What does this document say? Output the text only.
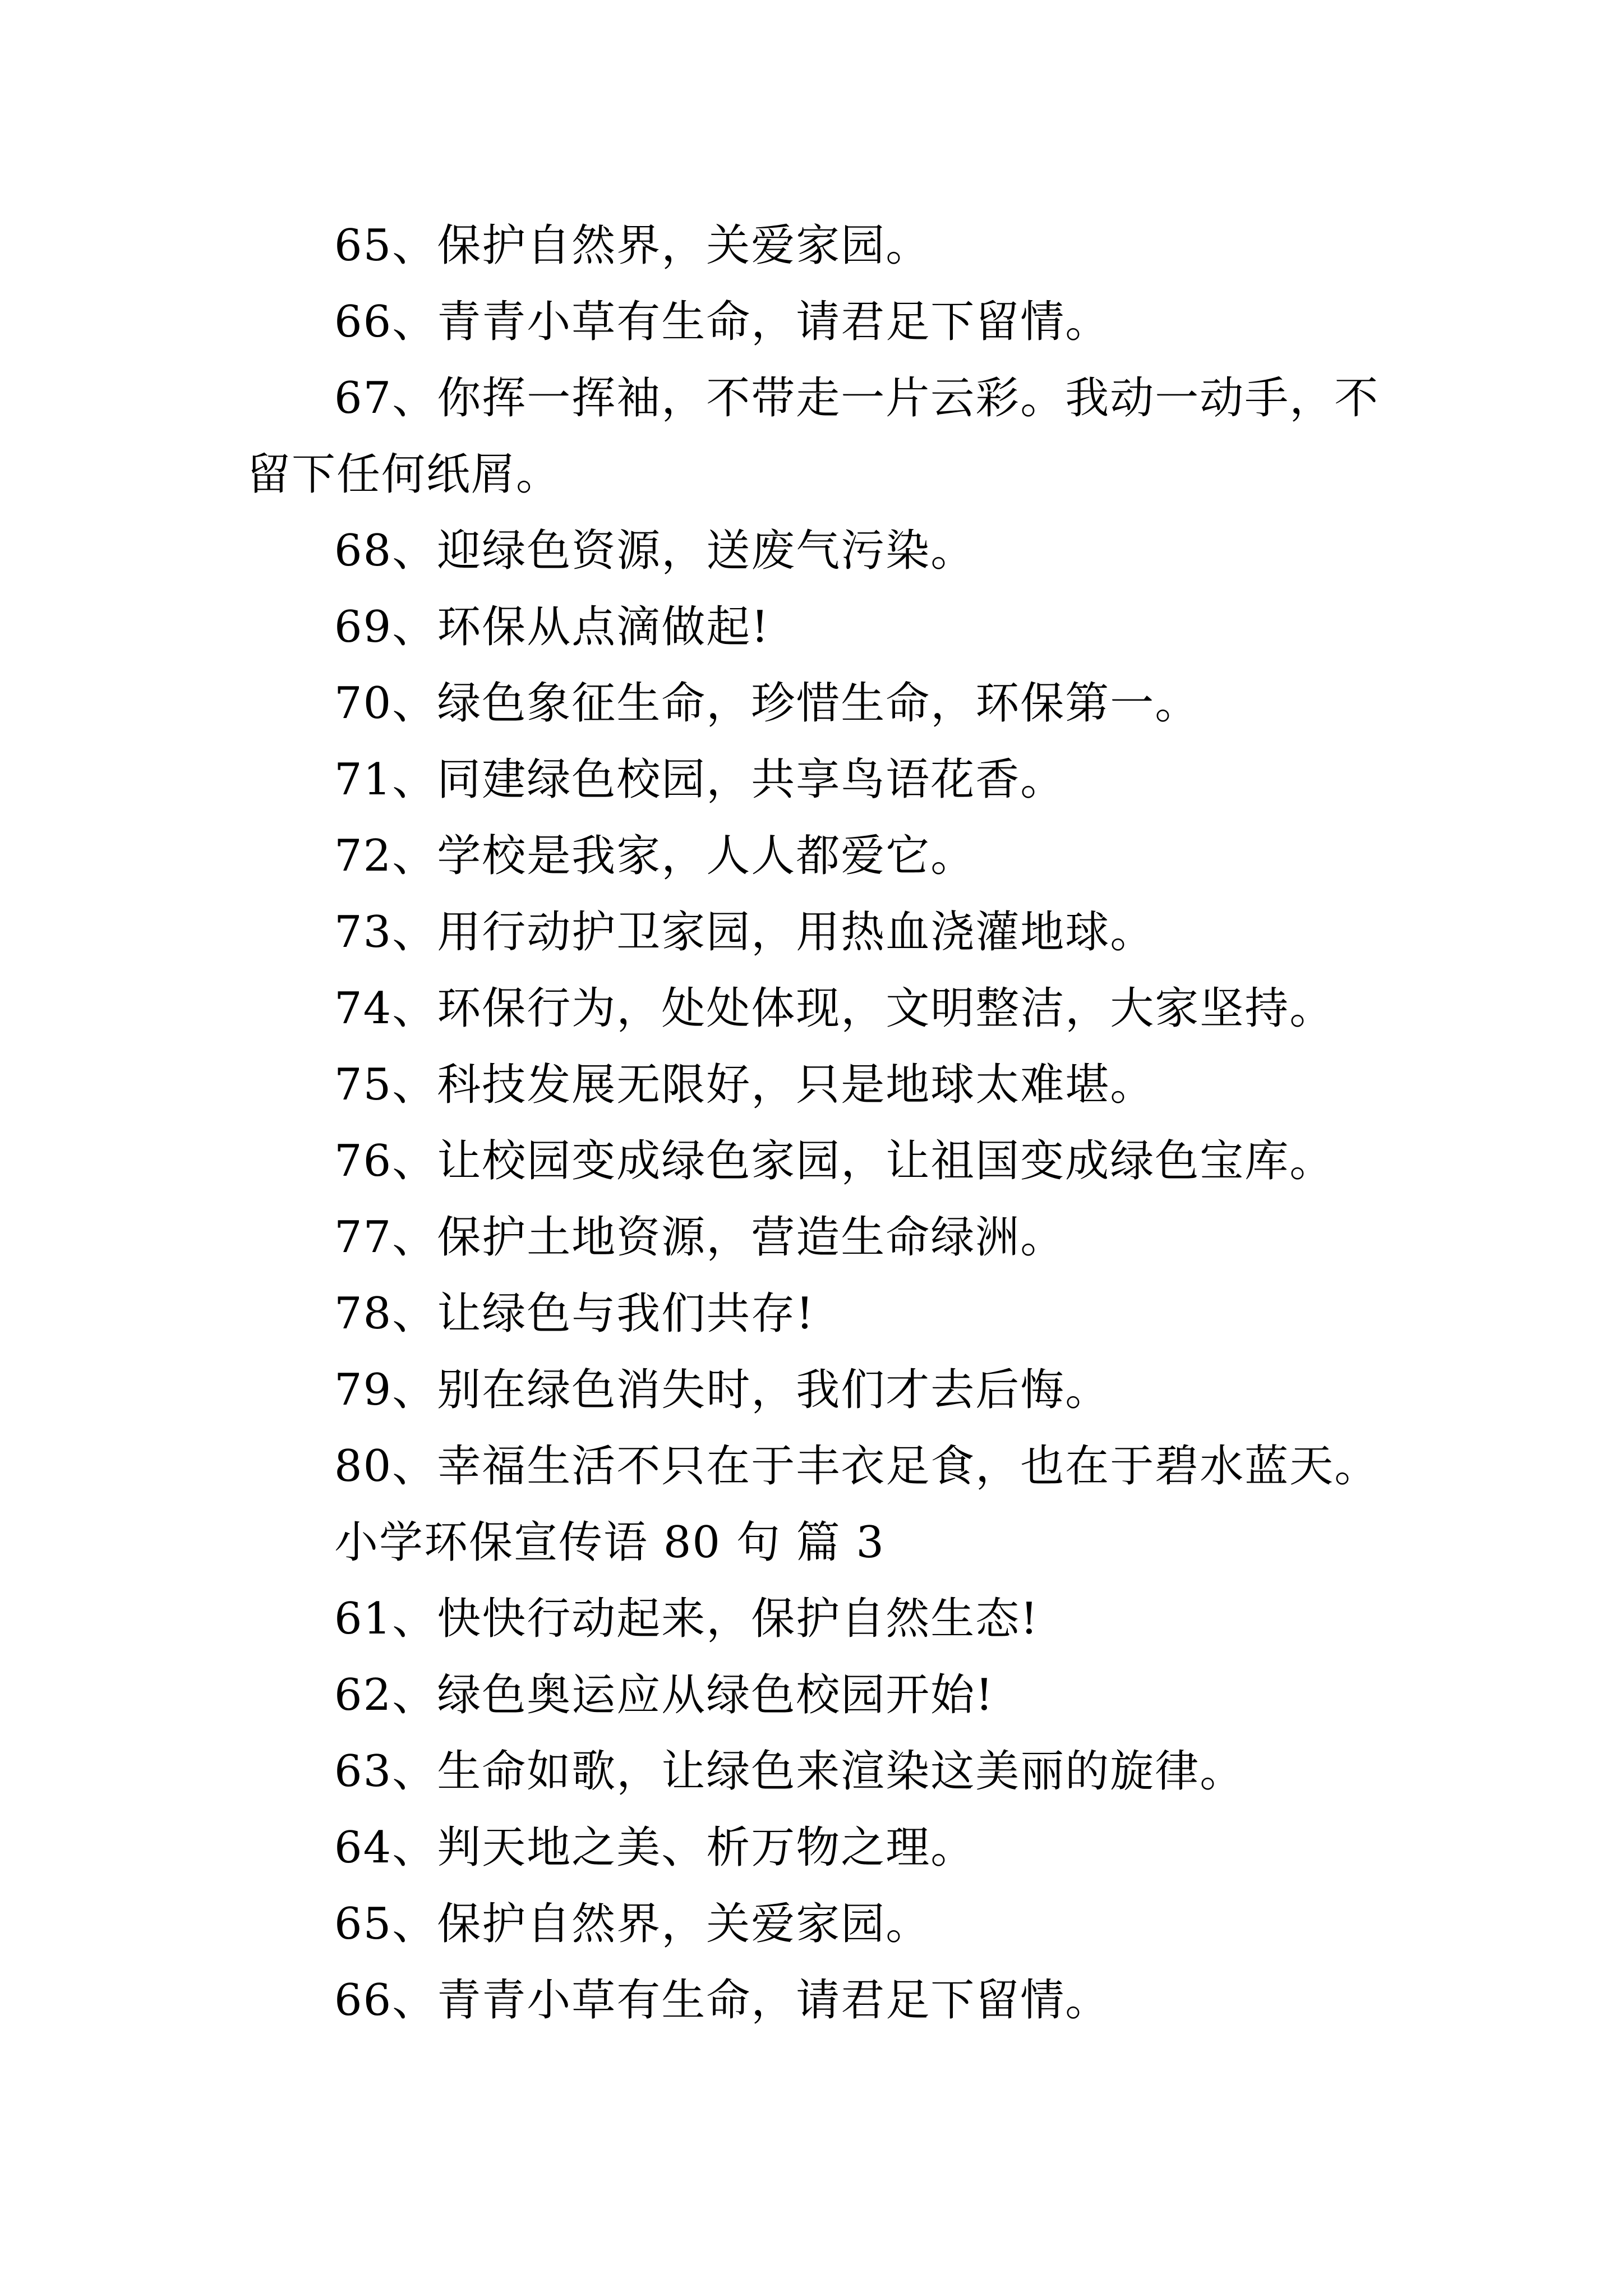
65、保护自然界，关爱家园。

66、青青小草有生命，请君足下留情。

67、你挥一挥袖，不带走一片云彩。我动一动手，不留下任何纸屑。

68、迎绿色资源，送废气污染。

69、环保从点滴做起!

70、绿色象征生命，珍惜生命，环保第一。

71、同建绿色校园，共享鸟语花香。

72、学校是我家，人人都爱它。

73、用行动护卫家园，用热血浇灌地球。

74、环保行为，处处体现，文明整洁，大家坚持。

75、科技发展无限好，只是地球太难堪。

76、让校园变成绿色家园，让祖国变成绿色宝库。

77、保护土地资源，营造生命绿洲。

78、让绿色与我们共存!

79、别在绿色消失时，我们才去后悔。

80、幸福生活不只在于丰衣足食，也在于碧水蓝天。

小学环保宣传语 80 句 篇 3

61、快快行动起来，保护自然生态!

62、绿色奥运应从绿色校园开始!

63、生命如歌，让绿色来渲染这美丽的旋律。

64、判天地之美、析万物之理。

65、保护自然界，关爱家园。

66、青青小草有生命，请君足下留情。
